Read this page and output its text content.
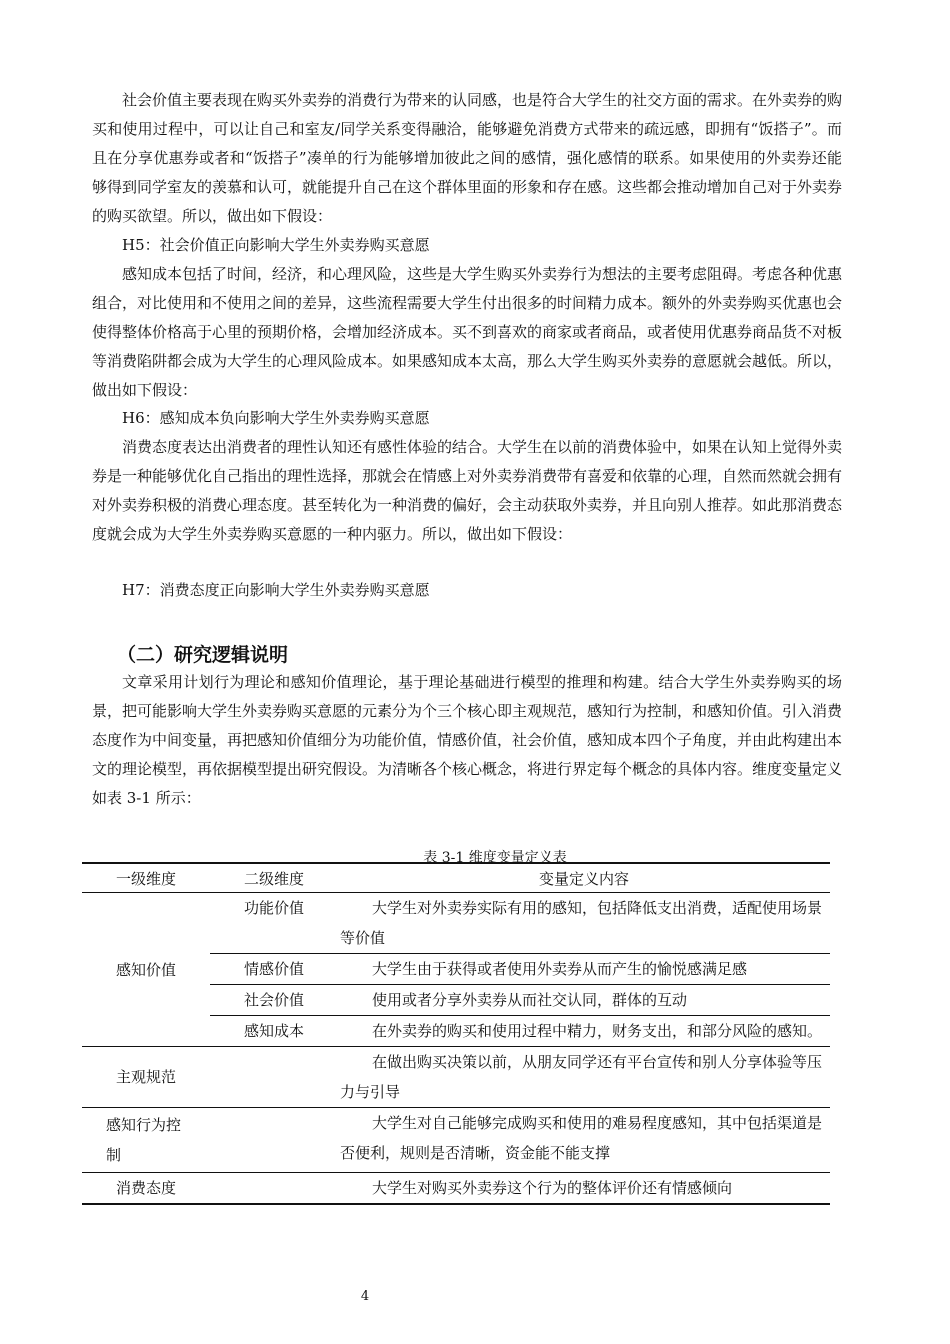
社会价值主要表现在购买外卖券的消费行为带来的认同感，也是符合大学生的社交方面的需求。在外卖券的购买和使用过程中，可以让自己和室友/同学关系变得融洽，能够避免消费方式带来的疏远感，即拥有“饭搭子”。而且在分享优惠券或者和“饭搭子”凑单的行为能够增加彼此之间的感情，强化感情的联系。如果使用的外卖券还能够得到同学室友的羡慕和认可，就能提升自己在这个群体里面的形象和存在感。这些都会推动增加自己对于外卖券的购买欲望。所以，做出如下假设：

H5：社会价值正向影响大学生外卖券购买意愿

感知成本包括了时间，经济，和心理风险，这些是大学生购买外卖券行为想法的主要考虑阻碍。考虑各种优惠组合，对比使用和不使用之间的差异，这些流程需要大学生付出很多的时间精力成本。额外的外卖券购买优惠也会使得整体价格高于心里的预期价格，会增加经济成本。买不到喜欢的商家或者商品，或者使用优惠券商品货不对板等消费陷阱都会成为大学生的心理风险成本。如果感知成本太高，那么大学生购买外卖券的意愿就会越低。所以，做出如下假设：

H6：感知成本负向影响大学生外卖券购买意愿

消费态度表达出消费者的理性认知还有感性体验的结合。大学生在以前的消费体验中，如果在认知上觉得外卖券是一种能够优化自己指出的理性选择，那就会在情感上对外卖券消费带有喜爱和依靠的心理，自然而然就会拥有对外卖券积极的消费心理态度。甚至转化为一种消费的偏好，会主动获取外卖券，并且向别人推荐。如此那消费态度就会成为大学生外卖券购买意愿的一种内驱力。所以，做出如下假设：

H7：消费态度正向影响大学生外卖券购买意愿

（二）研究逻辑说明

文章采用计划行为理论和感知价值理论，基于理论基础进行模型的推理和构建。结合大学生外卖券购买的场景，把可能影响大学生外卖券购买意愿的元素分为个三个核心即主观规范，感知行为控制，和感知价值。引入消费态度作为中间变量，再把感知价值细分为功能价值，情感价值，社会价值，感知成本四个子角度，并由此构建出本文的理论模型，再依据模型提出研究假设。为清晰各个核心概念，将进行界定每个概念的具体内容。维度变量定义如表 3-1 所示：

表 3-1 维度变量定义表

一级维度	二级维度	变量定义内容
感知价值	功能价值	大学生对外卖券实际有用的感知，包括降低支出消费，适配使用场景等价值
	情感价值	大学生由于获得或者使用外卖券从而产生的愉悦感满足感
	社会价值	使用或者分享外卖券从而社交认同，群体的互动
	感知成本	在外卖券的购买和使用过程中精力，财务支出，和部分风险的感知。
主观规范		在做出购买决策以前，从朋友同学还有平台宣传和别人分享体验等压力与引导
感知行为控制		大学生对自己能够完成购买和使用的难易程度感知，其中包括渠道是否便利，规则是否清晰，资金能不能支撑
消费态度		大学生对购买外卖券这个行为的整体评价还有情感倾向

4
